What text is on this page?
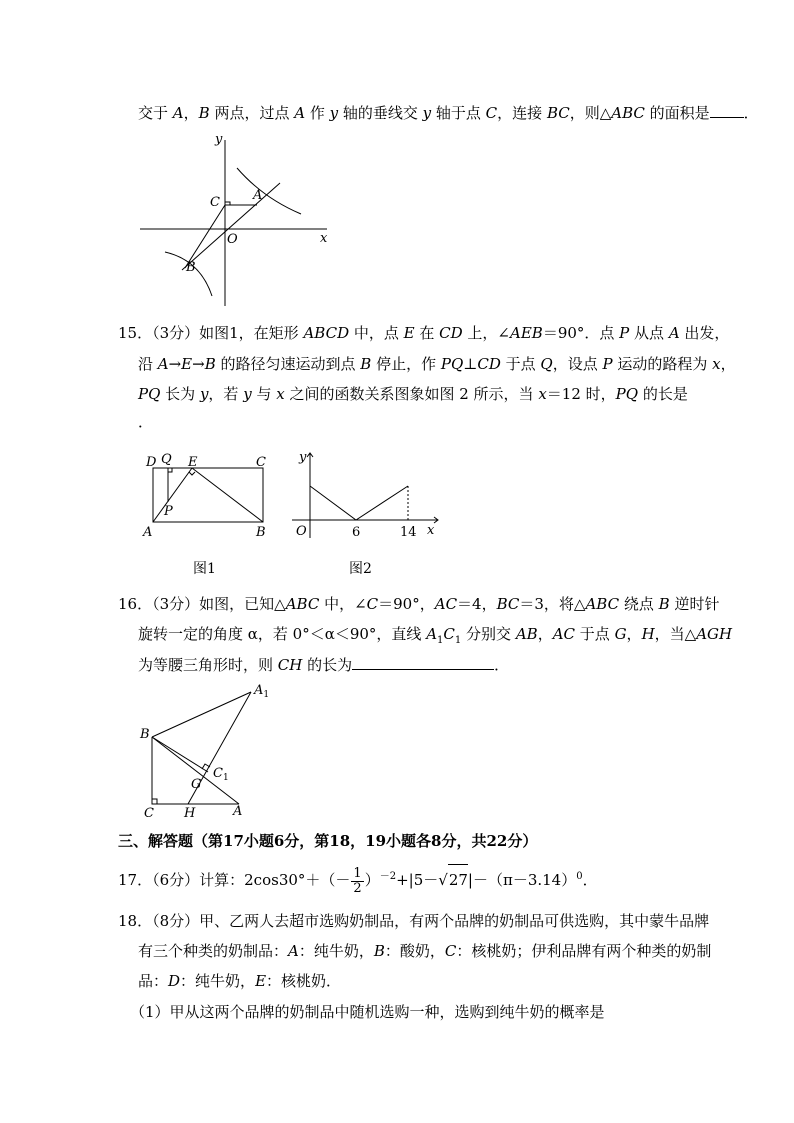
交于 A，B 两点，过点 A 作 y 轴的垂线交 y 轴于点 C，连接 BC，则△ABC 的面积是 ．
y
x
O
A
C
B
15．（3分）如图1，在矩形 ABCD 中，点 E 在 CD 上，∠AEB＝90°．点 P 从点 A 出发，
沿 A→E→B 的路径匀速运动到点 B 停止，作 PQ⊥CD 于点 Q，设点 P 运动的路程为 x，
PQ 长为 y，若 y 与 x 之间的函数关系图象如图 2 所示，当 x＝12 时，PQ 的长是
．
D Q E	C
P
A	B
图1
y
O	6	14 x
图2
16．（3分）如图，已知△ABC 中，∠C＝90°，AC＝4，BC＝3，将△ABC 绕点 B 逆时针
旋转一定的角度 α，若 0°＜α＜90°，直线 $A_1C_1$ 分别交 AB，AC 于点 G，H，当△AGH
为等腰三角形时，则 CH 的长为	．
$A_1$
B
$C_1$
G
C H	A
三、解答题（第17小题6分，第18，19小题各8分，共22分）
17．（6分）计算：$2\cos 30^\circ+(- \frac{1}{2} )^{-2}+|5-√27|-(\pi-3.14)^0$．
18．（8分）甲、乙两人去超市选购奶制品，有两个品牌的奶制品可供选购，其中蒙牛品牌
有三个种类的奶制品：A：纯牛奶，B：酸奶，C：核桃奶；伊利品牌有两个种类的奶制
品：D：纯牛奶，E：核桃奶．
（1）甲从这两个品牌的奶制品中随机选购一种，选购到纯牛奶的概率是
